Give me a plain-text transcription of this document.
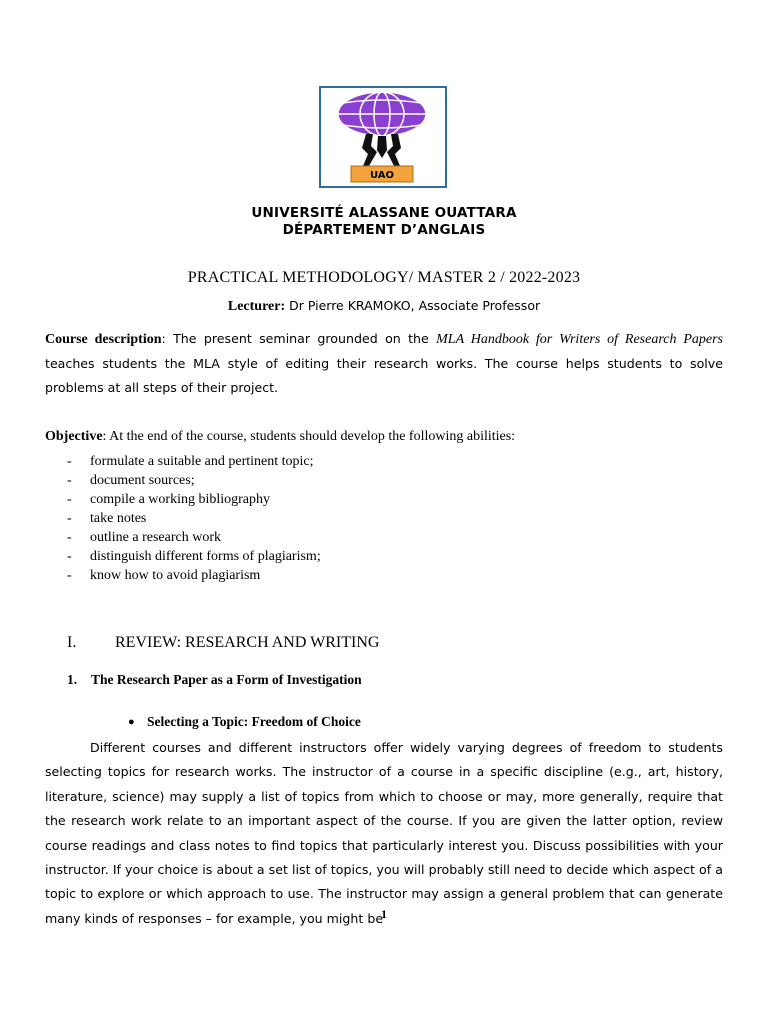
UAO
UNIVERSITÉ ALASSANE OUATTARA
DÉPARTEMENT D’ANGLAIS
PRACTICAL METHODOLOGY/ MASTER 2 / 2022-2023
Lecturer: Dr Pierre KRAMOKO, Associate Professor
Course description: The present seminar grounded on the MLA Handbook for Writers of Research Papers teaches students the MLA style of editing their research works. The course helps students to solve problems at all steps of their project.
Objective: At the end of the course, students should develop the following abilities:
- formulate a suitable and pertinent topic;
- document sources;
- compile a working bibliography
- take notes
- outline a research work
- distinguish different forms of plagiarism;
- know how to avoid plagiarism
I. REVIEW: RESEARCH AND WRITING
1. The Research Paper as a Form of Investigation
● Selecting a Topic: Freedom of Choice
Different courses and different instructors offer widely varying degrees of freedom to students selecting topics for research works. The instructor of a course in a specific discipline (e.g., art, history, literature, science) may supply a list of topics from which to choose or may, more generally, require that the research work relate to an important aspect of the course. If you are given the latter option, review course readings and class notes to find topics that particularly interest you. Discuss possibilities with your instructor. If your choice is about a set list of topics, you will probably still need to decide which aspect of a topic to explore or which approach to use. The instructor may assign a general problem that can generate many kinds of responses – for example, you might be
1
